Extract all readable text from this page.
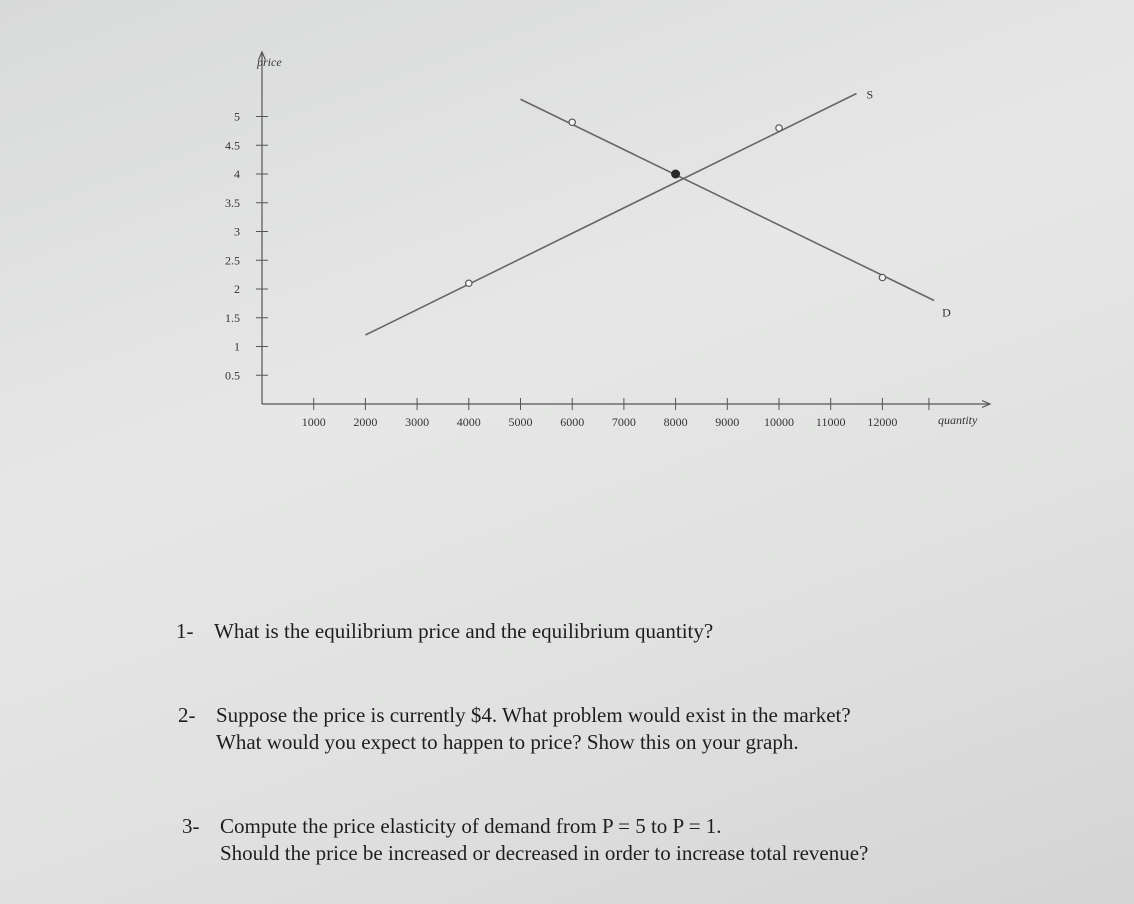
0.5
1
1.5
2
2.5
3
3.5
4
4.5
5
1000 2000 3000 4000 5000 6000 7000 8000 9000 10000 11000 12000
S
D
price
quantity
1- What is the equilibrium price and the equilibrium quantity?
2- Suppose the price is currently $4. What problem would exist in the market?
What would you expect to happen to price? Show this on your graph.
3- Compute the price elasticity of demand from P = 5 to P = 1.
Should the price be increased or decreased in order to increase total revenue?
